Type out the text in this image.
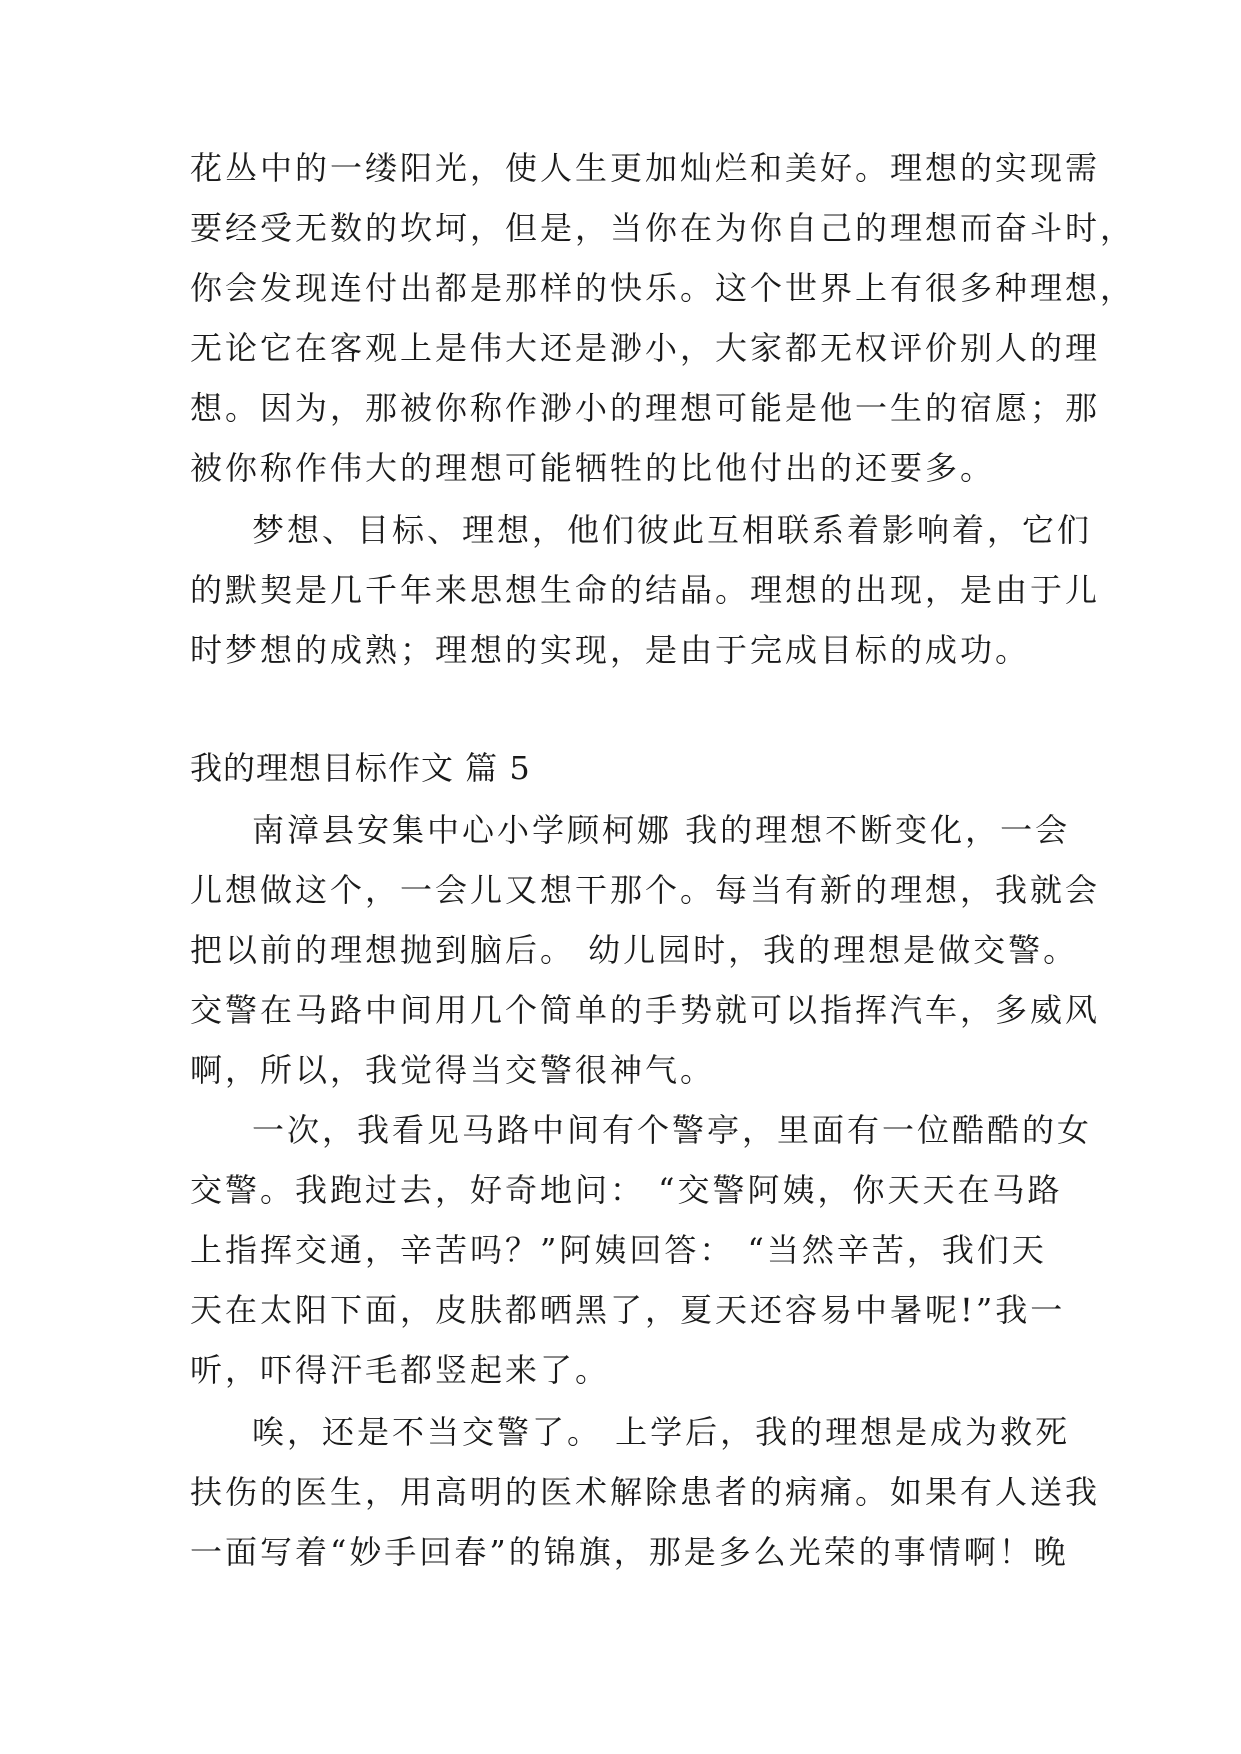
花丛中的一缕阳光，使人生更加灿烂和美好。理想的实现需
要经受无数的坎坷，但是，当你在为你自己的理想而奋斗时，
你会发现连付出都是那样的快乐。这个世界上有很多种理想，
无论它在客观上是伟大还是渺小，大家都无权评价别人的理
想。因为，那被你称作渺小的理想可能是他一生的宿愿；那
被你称作伟大的理想可能牺牲的比他付出的还要多。
梦想、目标、理想，他们彼此互相联系着影响着，它们
的默契是几千年来思想生命的结晶。理想的出现，是由于儿
时梦想的成熟；理想的实现，是由于完成目标的成功。
我的理想目标作文 篇 5
南漳县安集中心小学顾柯娜 我的理想不断变化，一会
儿想做这个，一会儿又想干那个。每当有新的理想，我就会
把以前的理想抛到脑后。 幼儿园时，我的理想是做交警。
交警在马路中间用几个简单的手势就可以指挥汽车，多威风
啊，所以，我觉得当交警很神气。
一次，我看见马路中间有个警亭，里面有一位酷酷的女
交警。我跑过去，好奇地问： “交警阿姨，你天天在马路
上指挥交通，辛苦吗？”阿姨回答： “当然辛苦，我们天
天在太阳下面，皮肤都晒黑了，夏天还容易中暑呢!”我一
听，吓得汗毛都竖起来了。
唉，还是不当交警了。 上学后，我的理想是成为救死
扶伤的医生，用高明的医术解除患者的病痛。如果有人送我
一面写着“妙手回春”的锦旗，那是多么光荣的事情啊！晚
